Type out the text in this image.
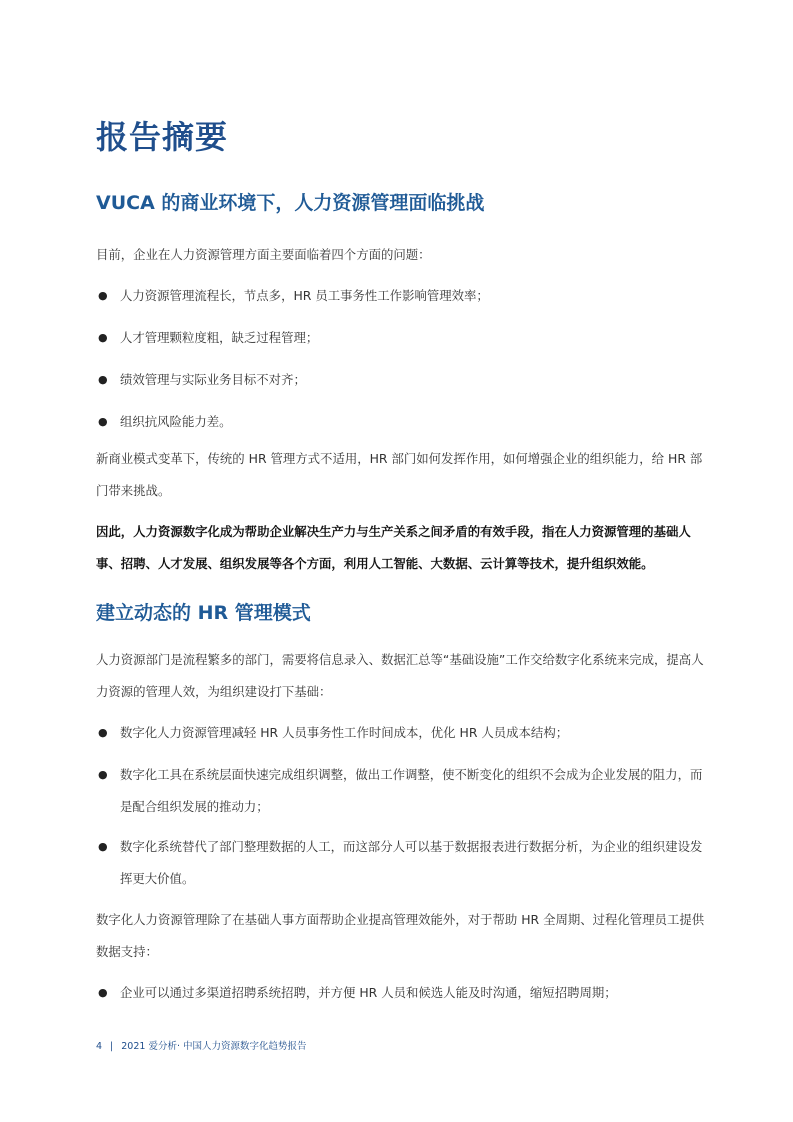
报告摘要
VUCA 的商业环境下，人力资源管理面临挑战

目前，企业在人力资源管理方面主要面临着四个方面的问题：

● 人力资源管理流程长，节点多，HR 员工事务性工作影响管理效率；
● 人才管理颗粒度粗，缺乏过程管理；
● 绩效管理与实际业务目标不对齐；
● 组织抗风险能力差。

新商业模式变革下，传统的 HR 管理方式不适用，HR 部门如何发挥作用，如何增强企业的组织能力，给 HR 部门带来挑战。

因此，人力资源数字化成为帮助企业解决生产力与生产关系之间矛盾的有效手段，指在人力资源管理的基础人事、招聘、人才发展、组织发展等各个方面，利用人工智能、大数据、云计算等技术，提升组织效能。

建立动态的 HR 管理模式

人力资源部门是流程繁多的部门，需要将信息录入、数据汇总等“基础设施”工作交给数字化系统来完成，提高人力资源的管理人效，为组织建设打下基础：

● 数字化人力资源管理减轻 HR 人员事务性工作时间成本，优化 HR 人员成本结构；
● 数字化工具在系统层面快速完成组织调整，做出工作调整，使不断变化的组织不会成为企业发展的阻力，而是配合组织发展的推动力；
● 数字化系统替代了部门整理数据的人工，而这部分人可以基于数据报表进行数据分析，为企业的组织建设发挥更大价值。

数字化人力资源管理除了在基础人事方面帮助企业提高管理效能外，对于帮助 HR 全周期、过程化管理员工提供数据支持：

● 企业可以通过多渠道招聘系统招聘，并方便 HR 人员和候选人能及时沟通，缩短招聘周期；
4 | 2021 爱分析· 中国人力资源数字化趋势报告
